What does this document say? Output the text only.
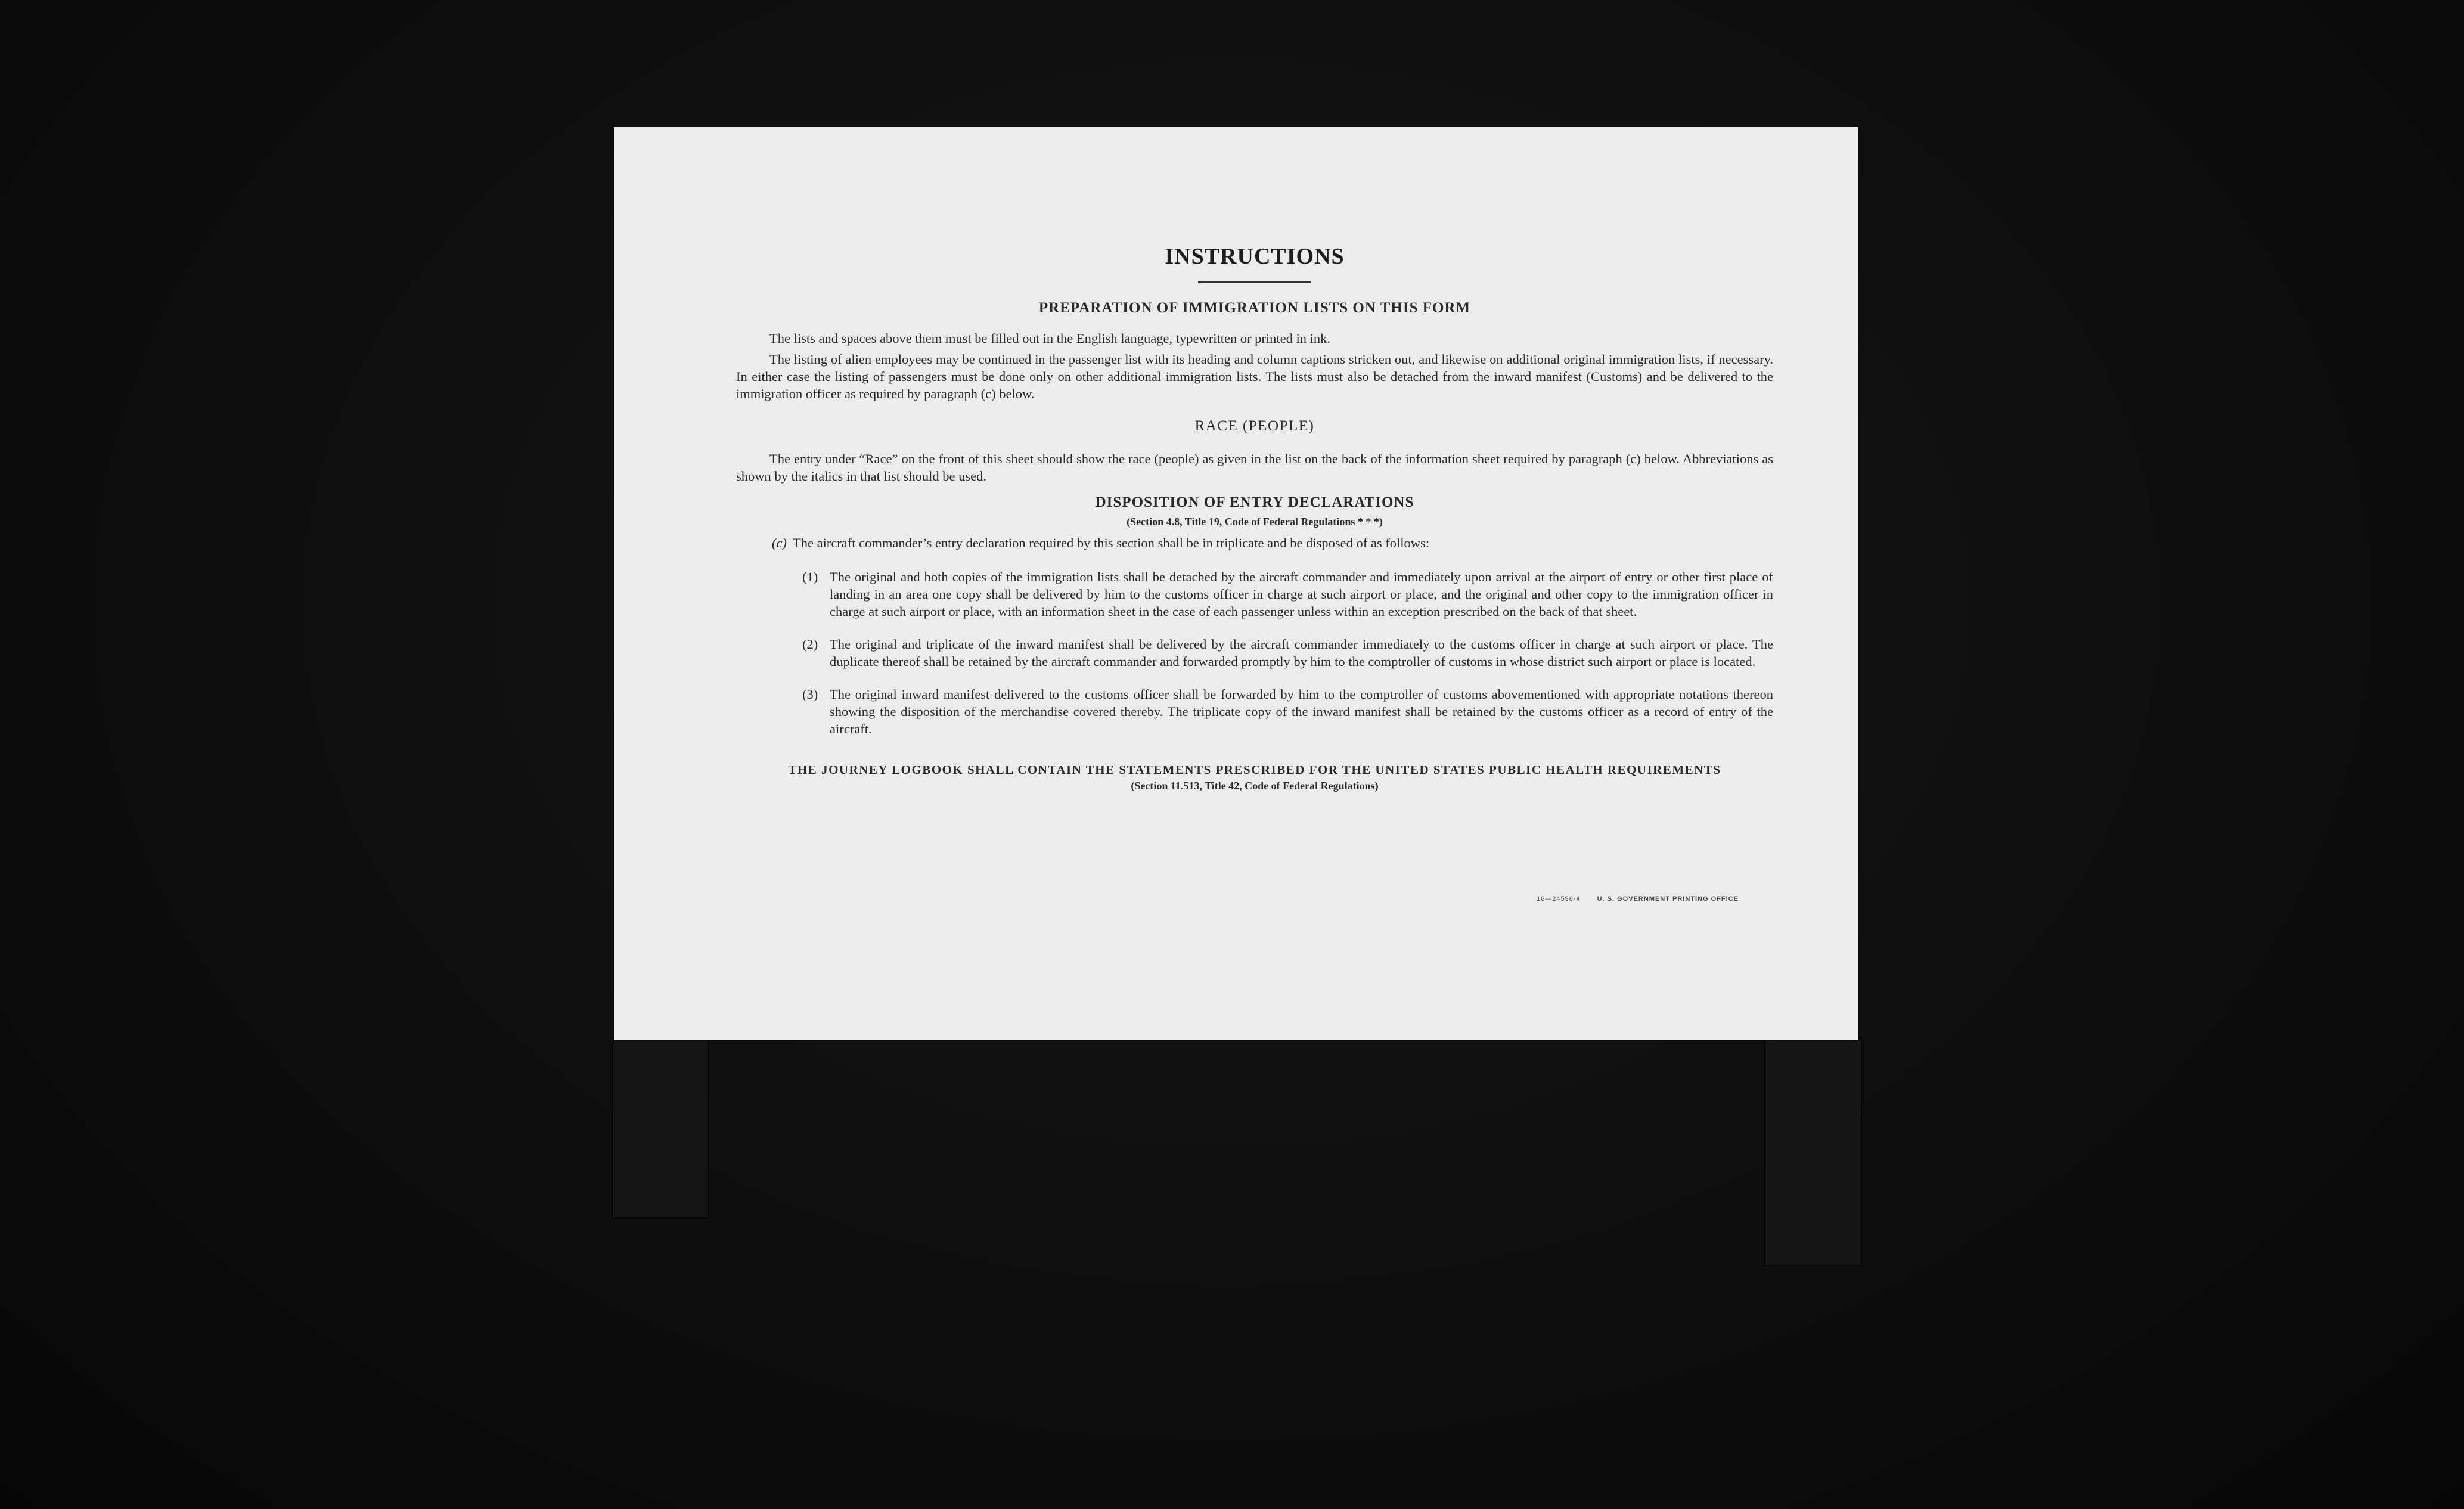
INSTRUCTIONS
PREPARATION OF IMMIGRATION LISTS ON THIS FORM

The lists and spaces above them must be filled out in the English language, typewritten or printed in ink.

The listing of alien employees may be continued in the passenger list with its heading and column captions stricken out, and likewise on additional original immigration lists, if necessary. In either case the listing of passengers must be done only on other additional immigration lists. The lists must also be detached from the inward manifest (Customs) and be delivered to the immigration officer as required by paragraph (c) below.

RACE (PEOPLE)

The entry under “Race” on the front of this sheet should show the race (people) as given in the list on the back of the information sheet required by paragraph (c) below. Abbreviations as shown by the italics in that list should be used.

DISPOSITION OF ENTRY DECLARATIONS

(Section 4.8, Title 19, Code of Federal Regulations * * *)

(c) The aircraft commander’s entry declaration required by this section shall be in triplicate and be disposed of as follows:

(1) The original and both copies of the immigration lists shall be detached by the aircraft commander and immediately upon arrival at the airport of entry or other first place of landing in an area one copy shall be delivered by him to the customs officer in charge at such airport or place, and the original and other copy to the immigration officer in charge at such airport or place, with an information sheet in the case of each passenger unless within an exception prescribed on the back of that sheet.

(2) The original and triplicate of the inward manifest shall be delivered by the aircraft commander immediately to the customs officer in charge at such airport or place. The duplicate thereof shall be retained by the aircraft commander and forwarded promptly by him to the comptroller of customs in whose district such airport or place is located.

(3) The original inward manifest delivered to the customs officer shall be forwarded by him to the comptroller of customs abovementioned with appropriate notations thereon showing the disposition of the merchandise covered thereby. The triplicate copy of the inward manifest shall be retained by the customs officer as a record of entry of the aircraft.

THE JOURNEY LOGBOOK SHALL CONTAIN THE STATEMENTS PRESCRIBED FOR THE UNITED STATES PUBLIC HEALTH REQUIREMENTS

(Section 11.513, Title 42, Code of Federal Regulations)

16—24598-4	U. S. GOVERNMENT PRINTING OFFICE
